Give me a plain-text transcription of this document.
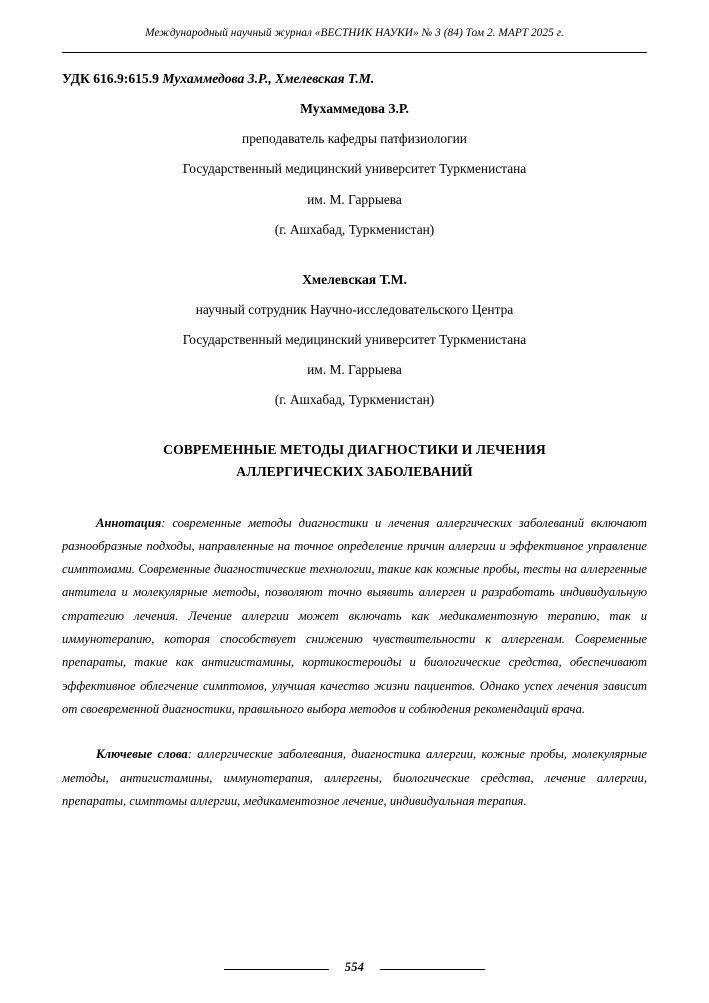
Международный научный журнал «ВЕСТНИК НАУКИ» № 3 (84) Том 2. МАРТ 2025 г.
УДК 616.9:615.9 Мухаммедова З.Р., Хмелевская Т.М.
Мухаммедова З.Р.
преподаватель кафедры патфизиологии
Государственный медицинский университет Туркменистана
им. М. Гаррыева
(г. Ашхабад, Туркменистан)
Хмелевская Т.М.
научный сотрудник Научно-исследовательского Центра
Государственный медицинский университет Туркменистана
им. М. Гаррыева
(г. Ашхабад, Туркменистан)
СОВРЕМЕННЫЕ МЕТОДЫ ДИАГНОСТИКИ И ЛЕЧЕНИЯ
АЛЛЕРГИЧЕСКИХ ЗАБОЛЕВАНИЙ

Аннотация: современные методы диагностики и лечения аллергических заболеваний включают разнообразные подходы, направленные на точное определение причин аллергии и эффективное управление симптомами. Современные диагностические технологии, такие как кожные пробы, тесты на аллергенные антитела и молекулярные методы, позволяют точно выявить аллерген и разработать индивидуальную стратегию лечения. Лечение аллергии может включать как медикаментозную терапию, так и иммунотерапию, которая способствует снижению чувствительности к аллергенам. Современные препараты, такие как антигистамины, кортикостероиды и биологические средства, обеспечивают эффективное облегчение симптомов, улучшая качество жизни пациентов. Однако успех лечения зависит от своевременной диагностики, правильного выбора методов и соблюдения рекомендаций врача.

Ключевые слова: аллергические заболевания, диагностика аллергии, кожные пробы, молекулярные методы, антигистамины, иммунотерапия, аллергены, биологические средства, лечение аллергии, препараты, симптомы аллергии, медикаментозное лечение, индивидуальная терапия.

554
